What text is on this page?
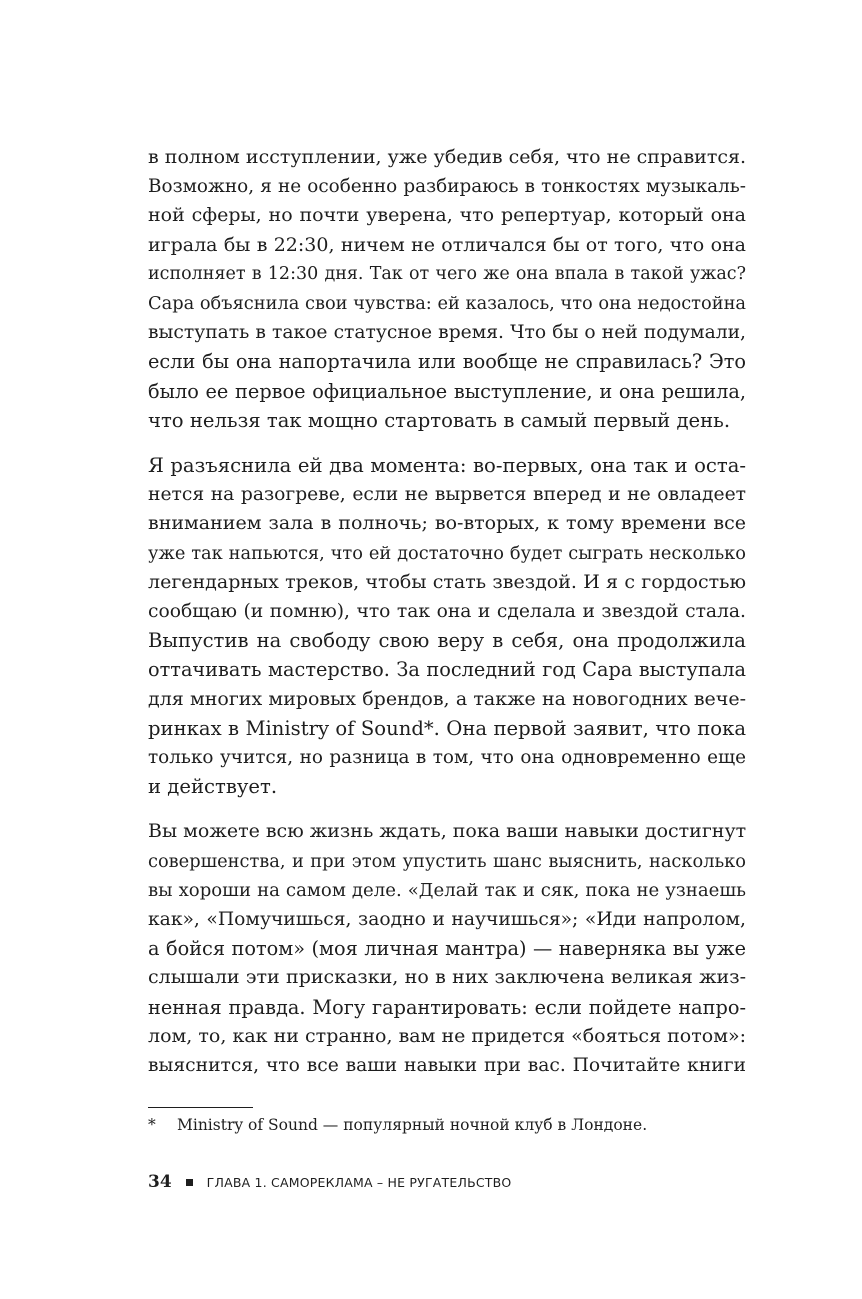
в полном исступлении, уже убедив себя, что не справится.
Возможно, я не особенно разбираюсь в тонкостях музыкаль-
ной сферы, но почти уверена, что репертуар, который она
играла бы в 22:30, ничем не отличался бы от того, что она
исполняет в 12:30 дня. Так от чего же она впала в такой ужас?
Сара объяснила свои чувства: ей казалось, что она недостойна
выступать в такое статусное время. Что бы о ней подумали,
если бы она напортачила или вообще не справилась? Это
было ее первое официальное выступление, и она решила,
что нельзя так мощно стартовать в самый первый день.
Я разъяснила ей два момента: во-первых, она так и оста-
нется на разогреве, если не вырвется вперед и не овладеет
вниманием зала в полночь; во-вторых, к тому времени все
уже так напьются, что ей достаточно будет сыграть несколько
легендарных треков, чтобы стать звездой. И я с гордостью
сообщаю (и помню), что так она и сделала и звездой стала.
Выпустив на свободу свою веру в себя, она продолжила
оттачивать мастерство. За последний год Сара выступала
для многих мировых брендов, а также на новогодних вече-
ринках в Ministry of Sound*. Она первой заявит, что пока
только учится, но разница в том, что она одновременно еще
и действует.
Вы можете всю жизнь ждать, пока ваши навыки достигнут
совершенства, и при этом упустить шанс выяснить, насколько
вы хороши на самом деле. «Делай так и сяк, пока не узнаешь
как», «Помучишься, заодно и научишься»; «Иди напролом,
а бойся потом» (моя личная мантра) — наверняка вы уже
слышали эти присказки, но в них заключена великая жиз-
ненная правда. Могу гарантировать: если пойдете напро-
лом, то, как ни странно, вам не придется «бояться потом»:
выяснится, что все ваши навыки при вас. Почитайте книги
* Ministry of Sound — популярный ночной клуб в Лондоне.
34	ГЛАВА 1. САМОРЕКЛАМА – НЕ РУГАТЕЛЬСТВО
